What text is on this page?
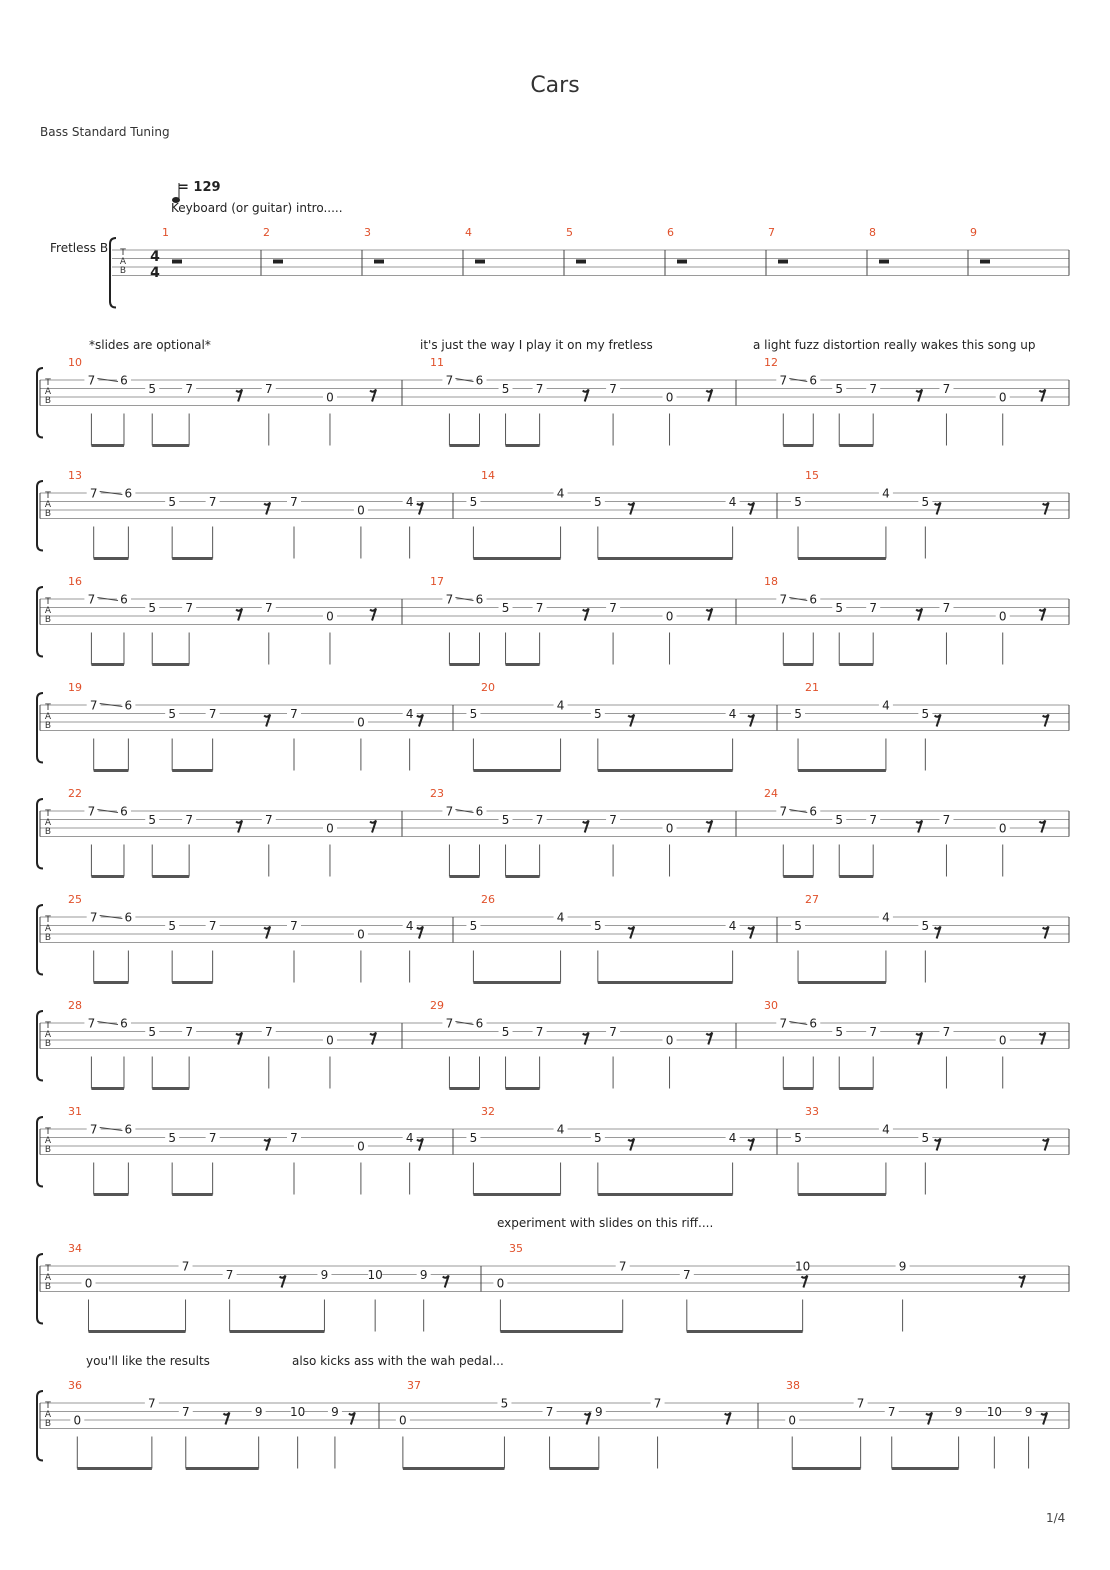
Cars
Bass Standard Tuning
= 129
Keyboard (or guitar) intro.....
Fretless B
*slides are optional*	it's just the way I play it on my fretless	a light fuzz distortion really wakes this song up
experiment with slides on this riff....
you'll like the results	also kicks ass with the wah pedal...
T
A
B
4
4
1	2	3	4	5	6	7	8	9
T
A
B
10
7 6
5 7	7
0
11
7 6
5 7	7
0
12
7 6
5 7	7
0
T
A
B
13
7 6
5	7	7
0
4
14
5
4
5	4
15
5
4
5
T
A
B
16
7 6
5 7	7
0
17
7 6
5 7	7
0
18
7 6
5 7	7
0
T
A
B
19
7 6
5	7	7
0
4
20
5
4
5	4
21
5
4
5
T
A
B
22
7 6
5 7	7
0
23
7 6
5 7	7
0
24
7 6
5 7	7
0
T
A
B
25
7 6
5	7	7
0
4
26
5
4
5	4
27
5
4
5
T
A
B
28
7 6
5 7	7
0
29
7 6
5 7	7
0
30
7 6
5 7	7
0
T
A
B
31
7 6
5	7	7
0
4
32
5
4
5	4
33
5
4
5
T
A
B
34
0
7
7	9	10	9
35
0
7
7
10	9
T
A
B
36
0
7
7	9 10 9
37
0
5
7	9
7
38
0
7
7	9 10 9
1/4
